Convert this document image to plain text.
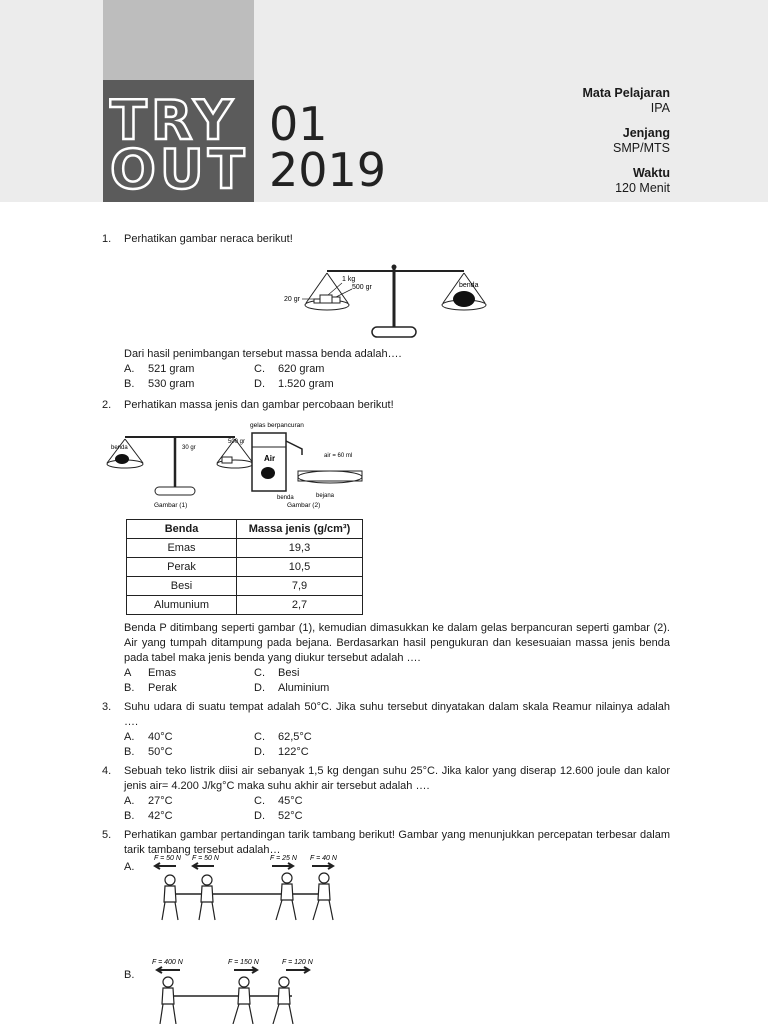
TRY
OUT
01
2019
Mata Pelajaran
IPA
Jenjang
SMP/MTS
Waktu
120 Menit
1. Perhatikan gambar neraca berikut!
1 kg
500 gr
20 gr
benda
Dari hasil penimbangan tersebut massa benda adalah….
A.	521 gram	C.	620 gram
B.	530 gram	D.	1.520 gram
2. Perhatikan massa jenis dan gambar percobaan berikut!
benda	30 gr
500 gr
Gambar (1)
gelas berpancuran
Air	air = 60 ml
benda	bejana
Gambar (2)
Benda	Massa jenis (g/cm³)
Emas	19,3
Perak	10,5
Besi	7,9
Alumunium	2,7

Benda P ditimbang seperti gambar (1), kemudian dimasukkan ke dalam gelas berpancuran seperti gambar (2). Air yang tumpah ditampung pada bejana. Berdasarkan hasil pengukuran dan kesesuaian massa jenis benda pada tabel maka jenis benda yang diukur tersebut adalah ….

A	Emas	C.	Besi
B.	Perak	D.	Aluminium
3. Suhu udara di suatu tempat adalah 50°C. Jika suhu tersebut dinyatakan dalam skala Reamur nilainya adalah ….

A.	40°C	C.	62,5°C
B.	50°C	D.	122°C
4. Sebuah teko listrik diisi air sebanyak 1,5 kg dengan suhu 25°C. Jika kalor yang diserap 12.600 joule dan kalor jenis air= 4.200 J/kg°C maka suhu akhir air tersebut adalah ….

A.	27°C	C.	45°C
B.	42°C	D.	52°C
5. Perhatikan gambar pertandingan tarik tambang berikut! Gambar yang menunjukkan percepatan terbesar dalam tarik tambang tersebut adalah…

A.
F = 50 N F = 50 N	F = 25 N F = 40 N
B.
F = 400 N	F = 150 N	F = 120 N
